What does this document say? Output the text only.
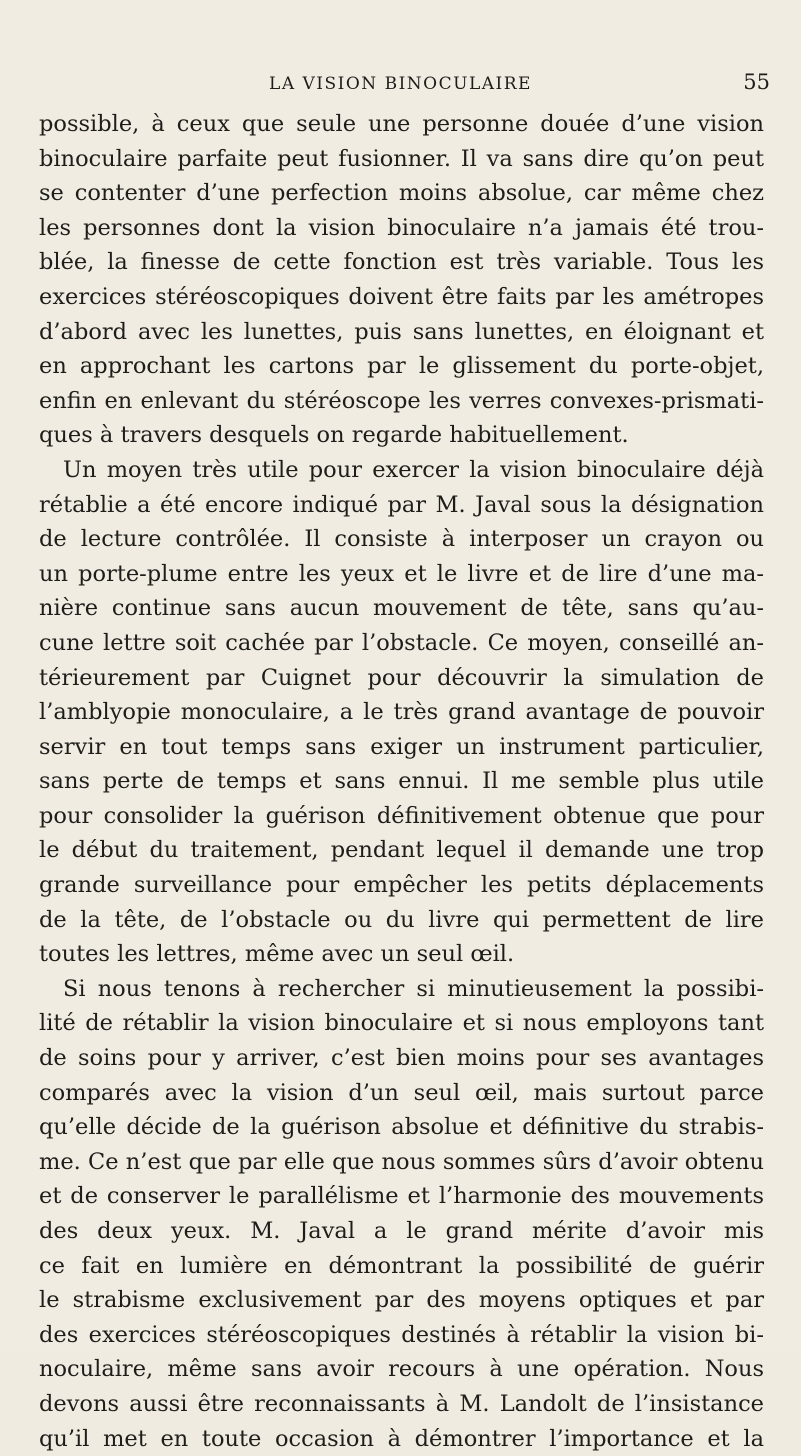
LA VISION BINOCULAIRE	55
possible, à ceux que seule une personne douée d’une vision
binoculaire parfaite peut fusionner. Il va sans dire qu’on peut
se contenter d’une perfection moins absolue, car même chez
les personnes dont la vision binoculaire n’a jamais été trou-
blée, la finesse de cette fonction est très variable. Tous les
exercices stéréoscopiques doivent être faits par les amétropes
d’abord avec les lunettes, puis sans lunettes, en éloignant et
en approchant les cartons par le glissement du porte-objet,
enfin en enlevant du stéréoscope les verres convexes-prismati-
ques à travers desquels on regarde habituellement.
Un moyen très utile pour exercer la vision binoculaire déjà
rétablie a été encore indiqué par M. Javal sous la désignation
de lecture contrôlée. Il consiste à interposer un crayon ou
un porte-plume entre les yeux et le livre et de lire d’une ma-
nière continue sans aucun mouvement de tête, sans qu’au-
cune lettre soit cachée par l’obstacle. Ce moyen, conseillé an-
térieurement par Cuignet pour découvrir la simulation de
l’amblyopie monoculaire, a le très grand avantage de pouvoir
servir en tout temps sans exiger un instrument particulier,
sans perte de temps et sans ennui. Il me semble plus utile
pour consolider la guérison définitivement obtenue que pour
le début du traitement, pendant lequel il demande une trop
grande surveillance pour empêcher les petits déplacements
de la tête, de l’obstacle ou du livre qui permettent de lire
toutes les lettres, même avec un seul œil.
Si nous tenons à rechercher si minutieusement la possibi-
lité de rétablir la vision binoculaire et si nous employons tant
de soins pour y arriver, c’est bien moins pour ses avantages
comparés avec la vision d’un seul œil, mais surtout parce
qu’elle décide de la guérison absolue et définitive du strabis-
me. Ce n’est que par elle que nous sommes sûrs d’avoir obtenu
et de conserver le parallélisme et l’harmonie des mouvements
des deux yeux. M. Javal a le grand mérite d’avoir mis
ce fait en lumière en démontrant la possibilité de guérir
le strabisme exclusivement par des moyens optiques et par
des exercices stéréoscopiques destinés à rétablir la vision bi-
noculaire, même sans avoir recours à une opération. Nous
devons aussi être reconnaissants à M. Landolt de l’insistance
qu’il met en toute occasion à démontrer l’importance et la
